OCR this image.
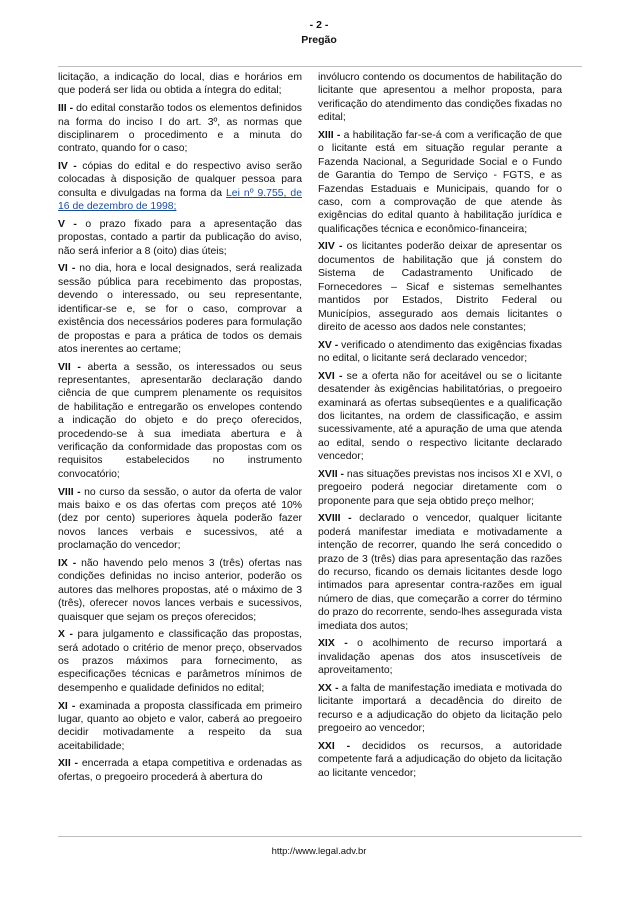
- 2 -
Pregão

licitação, a indicação do local, dias e horários em que poderá ser lida ou obtida a íntegra do edital;

III - do edital constarão todos os elementos definidos na forma do inciso I do art. 3º, as normas que disciplinarem o procedimento e a minuta do contrato, quando for o caso;

IV - cópias do edital e do respectivo aviso serão colocadas à disposição de qualquer pessoa para consulta e divulgadas na forma da Lei nº 9.755, de 16 de dezembro de 1998;

V - o prazo fixado para a apresentação das propostas, contado a partir da publicação do aviso, não será inferior a 8 (oito) dias úteis;

VI - no dia, hora e local designados, será realizada sessão pública para recebimento das propostas, devendo o interessado, ou seu representante, identificar-se e, se for o caso, comprovar a existência dos necessários poderes para formulação de propostas e para a prática de todos os demais atos inerentes ao certame;

VII - aberta a sessão, os interessados ou seus representantes, apresentarão declaração dando ciência de que cumprem plenamente os requisitos de habilitação e entregarão os envelopes contendo a indicação do objeto e do preço oferecidos, procedendo-se à sua imediata abertura e à verificação da conformidade das propostas com os requisitos estabelecidos no instrumento convocatório;

VIII - no curso da sessão, o autor da oferta de valor mais baixo e os das ofertas com preços até 10% (dez por cento) superiores àquela poderão fazer novos lances verbais e sucessivos, até a proclamação do vencedor;

IX - não havendo pelo menos 3 (três) ofertas nas condições definidas no inciso anterior, poderão os autores das melhores propostas, até o máximo de 3 (três), oferecer novos lances verbais e sucessivos, quaisquer que sejam os preços oferecidos;

X - para julgamento e classificação das propostas, será adotado o critério de menor preço, observados os prazos máximos para fornecimento, as especificações técnicas e parâmetros mínimos de desempenho e qualidade definidos no edital;

XI - examinada a proposta classificada em primeiro lugar, quanto ao objeto e valor, caberá ao pregoeiro decidir motivadamente a respeito da sua aceitabilidade;

XII - encerrada a etapa competitiva e ordenadas as ofertas, o pregoeiro procederá à abertura do

invólucro contendo os documentos de habilitação do licitante que apresentou a melhor proposta, para verificação do atendimento das condições fixadas no edital;

XIII - a habilitação far-se-á com a verificação de que o licitante está em situação regular perante a Fazenda Nacional, a Seguridade Social e o Fundo de Garantia do Tempo de Serviço - FGTS, e as Fazendas Estaduais e Municipais, quando for o caso, com a comprovação de que atende às exigências do edital quanto à habilitação jurídica e qualificações técnica e econômico-financeira;

XIV - os licitantes poderão deixar de apresentar os documentos de habilitação que já constem do Sistema de Cadastramento Unificado de Fornecedores – Sicaf e sistemas semelhantes mantidos por Estados, Distrito Federal ou Municípios, assegurado aos demais licitantes o direito de acesso aos dados nele constantes;

XV - verificado o atendimento das exigências fixadas no edital, o licitante será declarado vencedor;

XVI - se a oferta não for aceitável ou se o licitante desatender às exigências habilitatórias, o pregoeiro examinará as ofertas subseqüentes e a qualificação dos licitantes, na ordem de classificação, e assim sucessivamente, até a apuração de uma que atenda ao edital, sendo o respectivo licitante declarado vencedor;

XVII - nas situações previstas nos incisos XI e XVI, o pregoeiro poderá negociar diretamente com o proponente para que seja obtido preço melhor;

XVIII - declarado o vencedor, qualquer licitante poderá manifestar imediata e motivadamente a intenção de recorrer, quando lhe será concedido o prazo de 3 (três) dias para apresentação das razões do recurso, ficando os demais licitantes desde logo intimados para apresentar contra-razões em igual número de dias, que começarão a correr do término do prazo do recorrente, sendo-lhes assegurada vista imediata dos autos;

XIX - o acolhimento de recurso importará a invalidação apenas dos atos insuscetíveis de aproveitamento;

XX - a falta de manifestação imediata e motivada do licitante importará a decadência do direito de recurso e a adjudicação do objeto da licitação pelo pregoeiro ao vencedor;

XXI - decididos os recursos, a autoridade competente fará a adjudicação do objeto da licitação ao licitante vencedor;

http://www.legal.adv.br
